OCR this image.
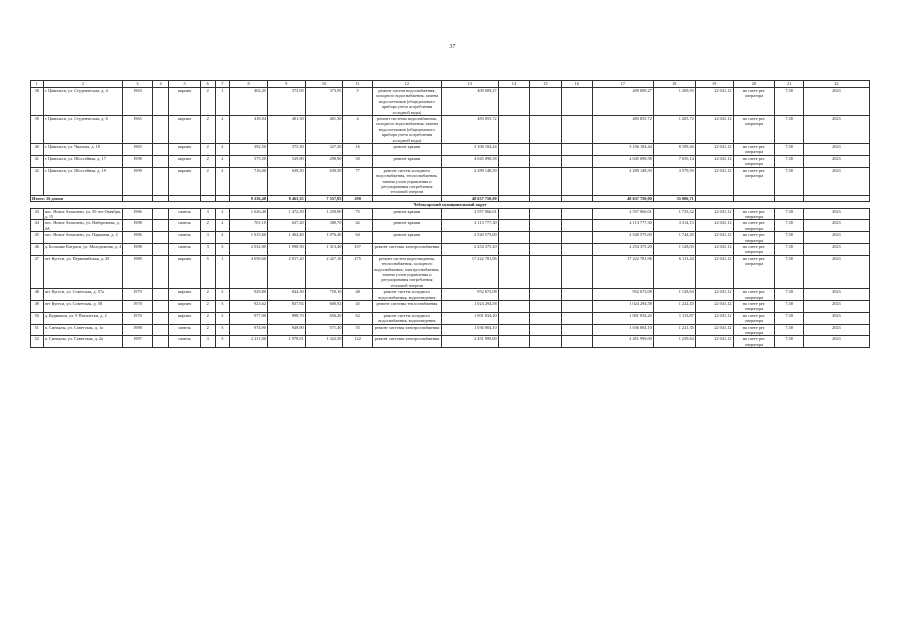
37
1	2	3	4	5	6	7	8	9	10	11	12	13	14	15	16	17	18	19	20	21	22
38	г. Цивильск, ул. Студенческая, д. 4	1963		кирпич	2	1	402,45	373,95	373,95	5	ремонт систем водоснабжения, холодного водоснабжения, замена водосчетчиков (общедомового прибора учета потребления холодной воды)	409 009,27				409 009,27	1 269,93	22 041,12	на счете рег. оператора	7,38	2023
39	г. Цивильск, ул. Студенческая, д. 6	1965		кирпич	2	2	418,94	401,30	401,30	4	ремонт системы водоснабжения, холодного водоснабжения, замена водосчетчиков (общедомового прибора учета потребления холодной воды)	483 855,72				483 855,72	1 205,72	22 041,12	на счете рег. оператора	7,38	2023
40	г. Цивильск, ул. Чкалова, д. 18	1965		кирпич	2	2	392,50	375,30	327,30	16	ремонт крыши	3 106 184,44				3 106 184,44	8 109,26	22 041,12	на счете рег. оператора	7,38	2023
41	г. Цивильск, ул. Шоссейная, д. 17	1998		кирпич	2	2	575,50	529,80	298,90	50	ремонт крыши	4 045 098,58				4 045 098,58	7 635,14	22 041,12	на счете рег. оператора	7,38	2023
42	г. Цивильск, ул. Шоссейная, д. 19	1999		кирпич	2	2	716,00	639,50	639,50	77	ремонт систем холодного водоснабжения, теплоснабжения, замена узлов управления и регулирования потребления тепловой энергии	2 289 148,59				2 289 148,59	3 579,59	22 041,12	на счете рег. оператора	7,38	2023
Итого: 16 домов							9 236,48	8 463,35	7 557,05	290		48 637 750,00				48 637 750,00	55 006,71				
Чебоксарский муниципальный округ																					
43	пос. Новое Атлашево, ул. 50 лет Октября, д. 15	1986		панель	3	2	1 626,40	1 472,30	1 250,80	75	ремонт крыши	2 557 066,01				2 557 066,01	1 733,32	22 041,12	на счете рег. оператора	7,38	2023
44	пос. Новое Атлашево, ул. Набережная, д. 4А	1988		панель	2	2	701,10	637,20	380,70	42	ремонт крыши	2 113 777,30				2 113 777,30	3 314,13	22 041,12	на счете рег. оператора	7,38	2023
45	пос. Новое Атлашево, ул. Парковая, д. 2	1986		панель	3	2	1 615,60	1 464,40	1 076,40	64	ремонт крыши	2 540 575,00				2 540 575,00	1 744,29	22 041,12	на счете рег. оператора	7,38	2023
46	д. Большие Катраси, ул. Молодежная, д. 4	1988		панель	3	3	2 032,80	1 998,50	1 313,40	107	ремонт системы электроснабжения	2 254 375,20				2 254 375,20	1 128,03	22 041,12	на счете рег. оператора	7,38	2023
47	пгт Кугеси, ул. Первомайская, д. 29	1980		кирпич	5	1	4 058,60	2 817,20	2 427,10	275	ремонт систем водоотведения, теплоснабжения, холодного водоснабжения, электроснабжения, замена узлов управления и регулирования потребления тепловой энергии	17 222 781,96				17 222 781,96	6 113,44	22 041,12	на счете рег. оператора	7,38	2023
48	пгт Кугеси, ул. Советская, д. 57а	1979		кирпич	2	3	929,80	844,30	750,10	48	ремонт систем холодного водоснабжения, водоотведения	952 673,08				952 673,08	1 128,63	22 041,12	на счете рег. оператора	7,38	2023
49	пгт Кугеси, ул. Советская, д. 58	1978		кирпич	2	3	923,62	837,92	600,92	45	ремонт системы теплоснабжения	1 024 294,58				1 024 294,58	1 222,43	22 041,12	на счете рег. оператора	7,38	2023
50	д. Курмыши, ул. 9 Пятилетки, д. 2	1976		кирпич	2	3	977,00	898,70	656,20	62	ремонт систем холодного водоснабжения, водоотведения	1 001 034,20				1 001 034,20	1 113,87	22 041,12	на счете рег. оператора	7,38	2023
51	п. Синьялы, ул. Советская, д. 1а	1988		панель	2	3	974,90	848,90	571,40	55	ремонт системы электроснабжения	1 036 804,10				1 036 804,10	1 221,35	22 041,12	на счете рег. оператора	7,38	2023
52	п. Синьялы, ул. Советская, д. 2а	1987		панель	3	3	2 211,00	1 978,01	1 322,50	122	ремонт системы электроснабжения	2 451 999,00				2 451 999,00	1 239,64	22 041,12	на счете рег. оператора	7,38	2023
